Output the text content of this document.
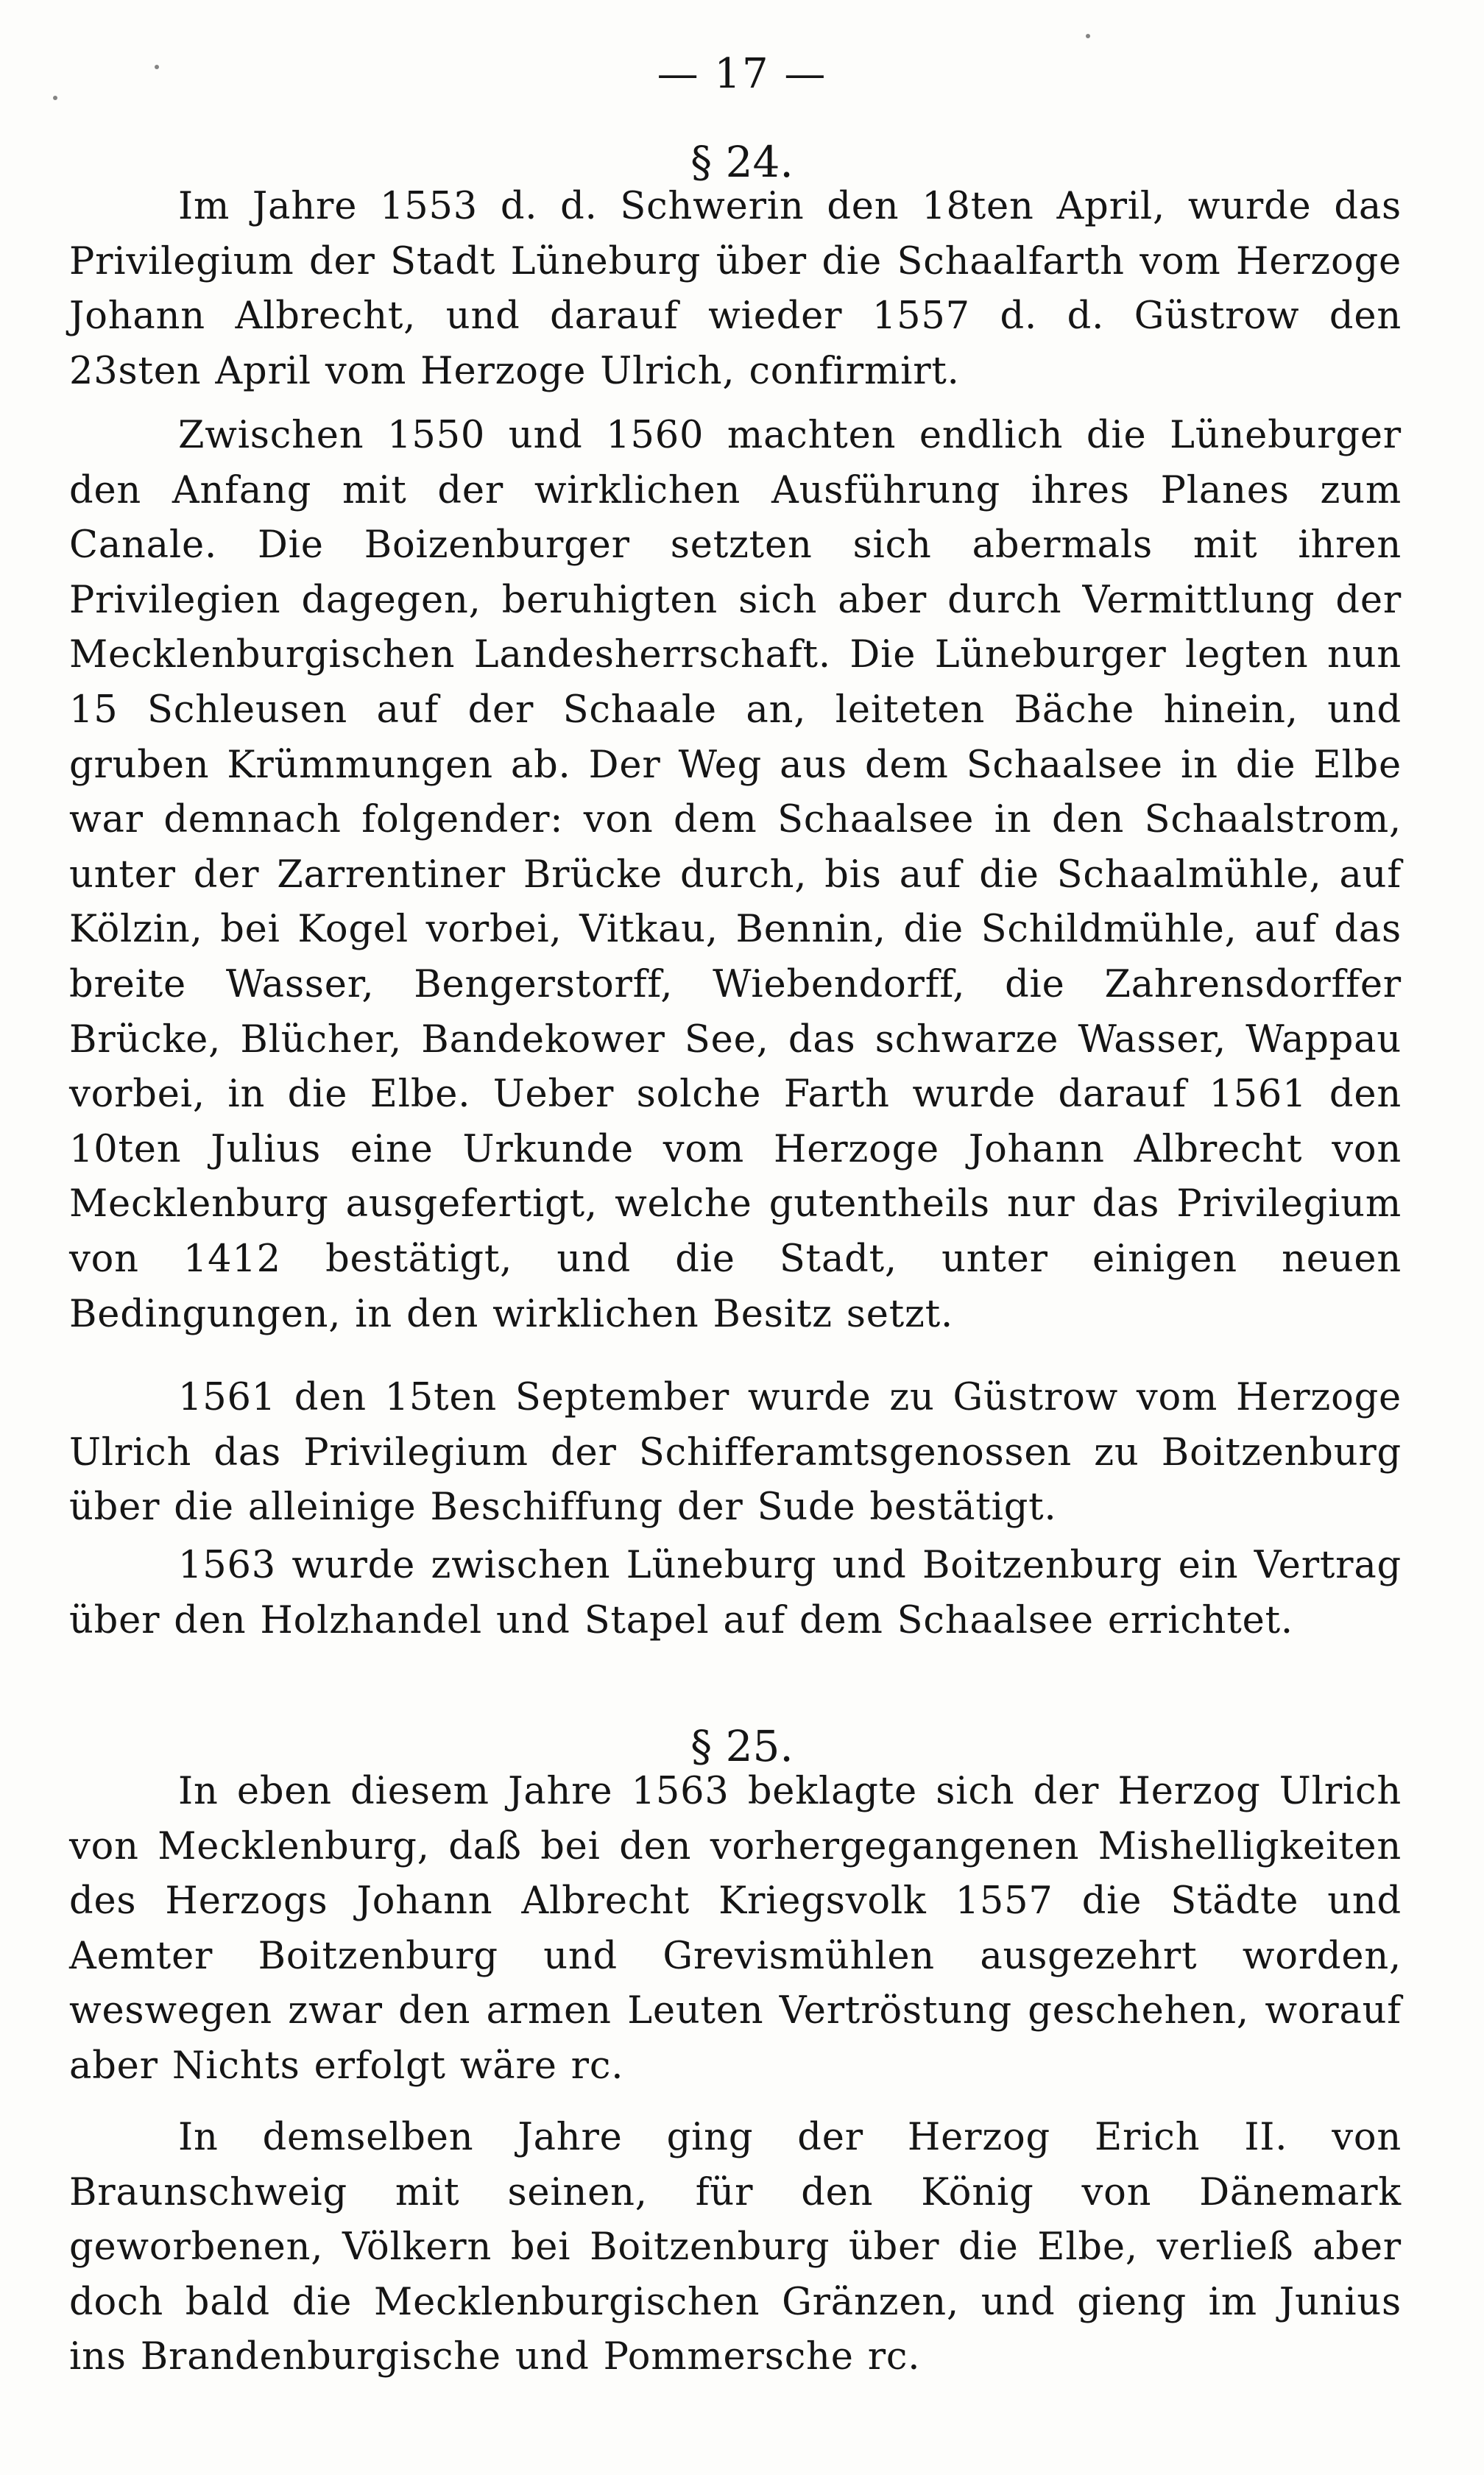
— 17 —
§ 24.

Im Jahre 1553 d. d. Schwerin den 18ten April, wurde das Privilegium der Stadt Lüneburg über die Schaalfarth vom Herzoge Johann Albrecht, und darauf wieder 1557 d. d. Güstrow den 23sten April vom Herzoge Ulrich, confirmirt.

Zwischen 1550 und 1560 machten endlich die Lüneburger den Anfang mit der wirklichen Ausführung ihres Planes zum Canale. Die Boizenburger setzten sich abermals mit ihren Privilegien dagegen, beruhigten sich aber durch Vermittlung der Mecklenburgischen Landesherrschaft. Die Lüneburger legten nun 15 Schleusen auf der Schaale an, leiteten Bäche hinein, und gruben Krümmungen ab. Der Weg aus dem Schaalsee in die Elbe war demnach folgender: von dem Schaalsee in den Schaalstrom, unter der Zarrentiner Brücke durch, bis auf die Schaalmühle, auf Kölzin, bei Kogel vorbei, Vitkau, Bennin, die Schildmühle, auf das breite Wasser, Bengerstorff, Wiebendorff, die Zahrensdorffer Brücke, Blücher, Bandekower See, das schwarze Wasser, Wappau vorbei, in die Elbe. Ueber solche Farth wurde darauf 1561 den 10ten Julius eine Urkunde vom Herzoge Johann Albrecht von Mecklenburg ausgefertigt, welche gutentheils nur das Privilegium von 1412 bestätigt, und die Stadt, unter einigen neuen Bedingungen, in den wirklichen Besitz setzt.

1561 den 15ten September wurde zu Güstrow vom Herzoge Ulrich das Privilegium der Schifferamtsgenossen zu Boitzenburg über die alleinige Beschiffung der Sude bestätigt.

1563 wurde zwischen Lüneburg und Boitzenburg ein Vertrag über den Holzhandel und Stapel auf dem Schaalsee errichtet.

§ 25.

In eben diesem Jahre 1563 beklagte sich der Herzog Ulrich von Mecklenburg, daß bei den vorhergegangenen Mishelligkeiten des Herzogs Johann Albrecht Kriegsvolk 1557 die Städte und Aemter Boitzenburg und Grevismühlen ausgezehrt worden, weswegen zwar den armen Leuten Vertröstung geschehen, worauf aber Nichts erfolgt wäre rc.

In demselben Jahre ging der Herzog Erich II. von Braunschweig mit seinen, für den König von Dänemark geworbenen, Völkern bei Boitzenburg über die Elbe, verließ aber doch bald die Mecklenburgischen Gränzen, und gieng im Junius ins Brandenburgische und Pommersche rc.
